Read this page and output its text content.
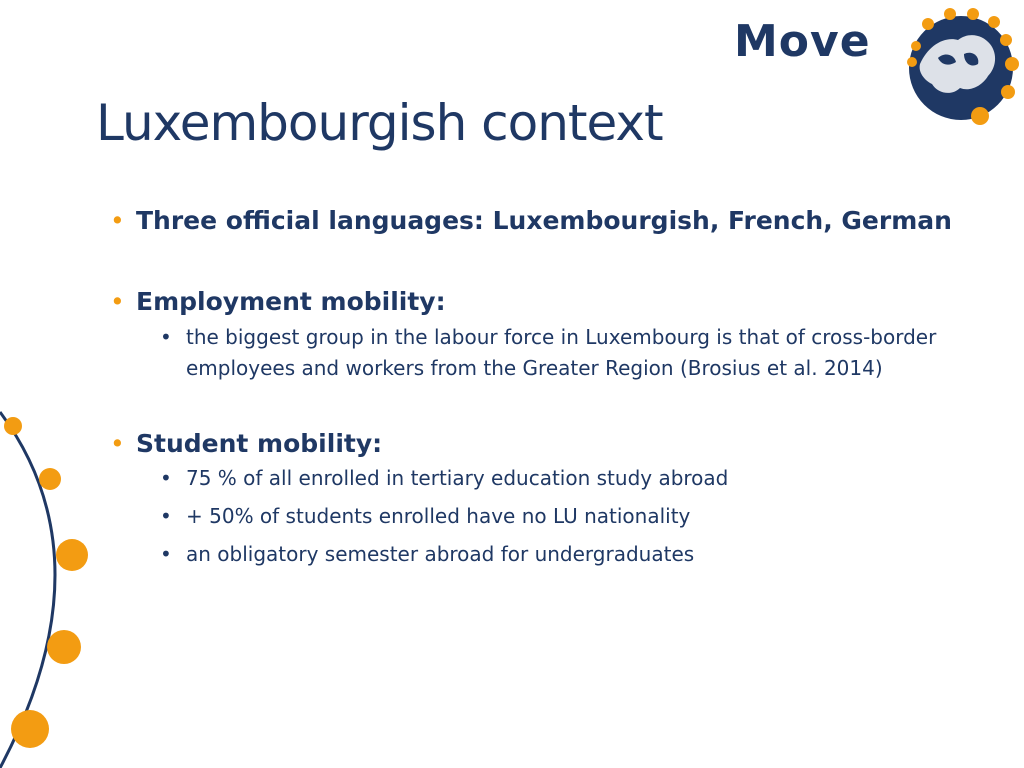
Move
Luxembourgish context
• Three official languages: Luxembourgish, French, German
• Employment mobility:
• the biggest group in the labour force in Luxembourg is that of cross-border employees and workers from the Greater Region (Brosius et al. 2014)
• Student mobility:
• 75 % of all enrolled in tertiary education study abroad
• + 50% of students enrolled have no LU nationality
• an obligatory semester abroad for undergraduates
